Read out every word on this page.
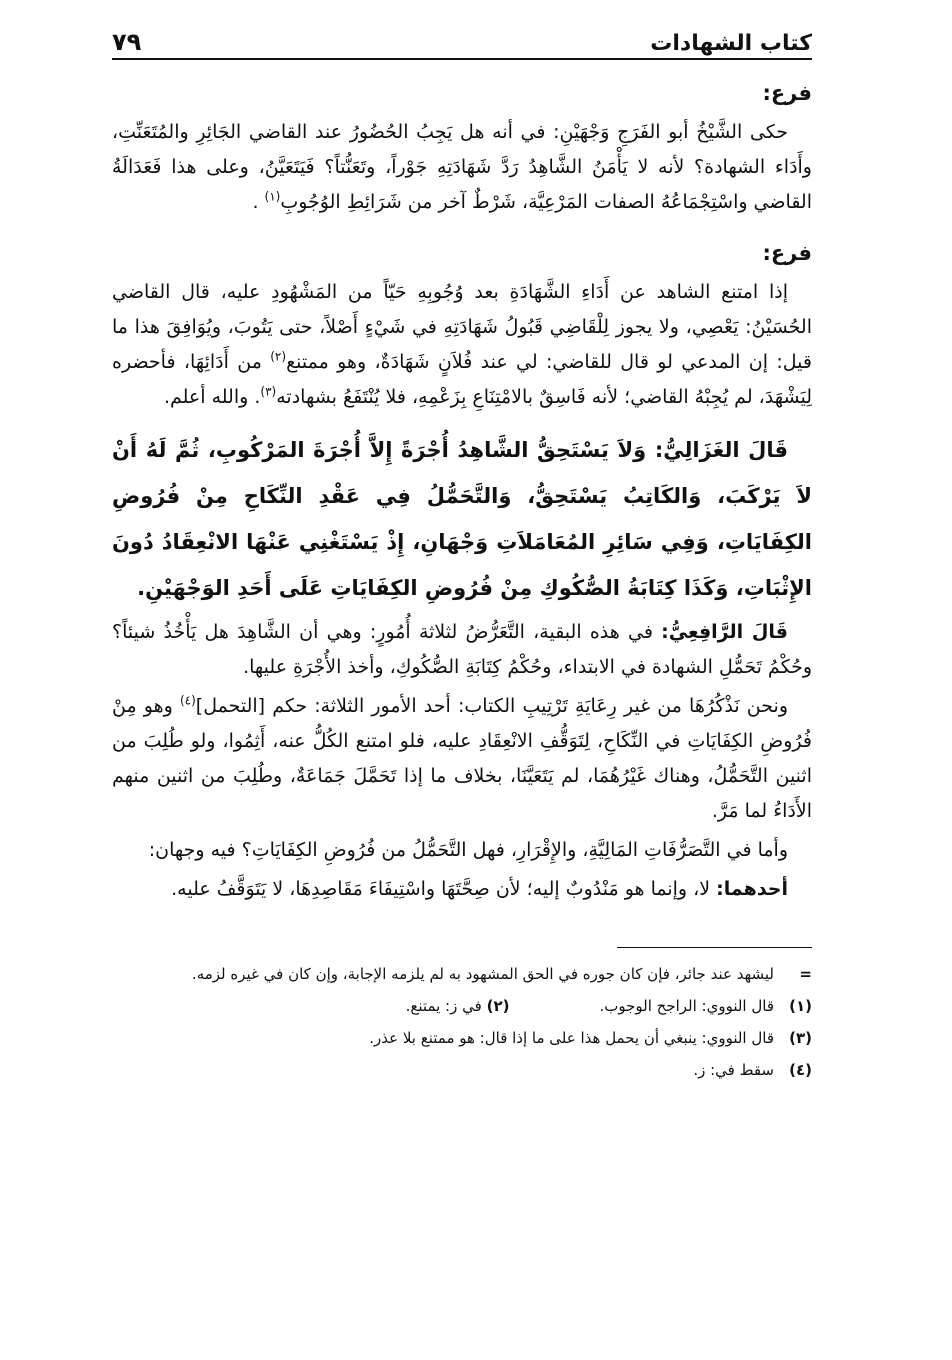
كتاب الشهادات
٧٩

فرع:

حكى الشَّيْخُ أبو الفَرَجِ وَجْهَيْنِ: في أنه هل يَجِبُ الحُضُورُ عند القاضي الجَائِرِ والمُتَعَنِّتِ، وأَدَاء الشهادة؟ لأنه لا يَأْمَنُ الشَّاهِدُ رَدَّ شَهَادَتِهِ جَوْراً، وتَعَنُّتاً؟ فَيَتَعَيَّنُ، وعلى هذا فَعَدَالَةُ القاضي واسْتِجْمَاعُهُ الصفات المَرْعِيَّة، شَرْطٌ آخر من شَرَائِطِ الوُجُوبِ$^{(١)}$ .

فرع:

إذا امتنع الشاهد عن أَدَاءِ الشَّهَادَةِ بعد وُجُوبِهِ حَيّاً من المَشْهُودِ عليه، قال القاضي الحُسَيْنُ: يَعْصِي، ولا يجوز لِلْقَاضِي قَبُولُ شَهَادَتِهِ في شَيْءٍ أَصْلاً، حتى يَتُوبَ، ويُوَافِقَ هذا ما قيل: إن المدعي لو قال للقاضي: لي عند فُلاَنٍ شَهَادَةٌ، وهو ممتنع$^{(٢)}$ من أَدَائِهَا، فأحضره لِيَشْهَدَ، لم يُجِبْهُ القاضي؛ لأنه فَاسِقٌ بالامْتِنَاعِ بِزَعْمِهِ، فلا يُنْتَفَعُ بشهادته$^{(٣)}$. والله أعلم.

قَالَ الغَزَالِيُّ: وَلاَ يَسْتَحِقُّ الشَّاهِدُ أُجْرَةً إِلاَّ أُجْرَةَ المَرْكُوبِ، ثُمَّ لَهُ أَنْ لاَ يَرْكَبَ، وَالكَاتِبُ يَسْتَحِقُّ، وَالتَّحَمُّلُ فِي عَقْدِ النِّكَاحِ مِنْ فُرُوضِ الكِفَايَاتِ، وَفِي سَائِرِ المُعَامَلاَتِ وَجْهَانِ، إِذْ يَسْتَغْنِي عَنْهَا الانْعِقَادُ دُونَ الإِثْبَاتِ، وَكَذَا كِتَابَةُ الصُّكُوكِ مِنْ فُرُوضِ الكِفَايَاتِ عَلَى أَحَدِ الوَجْهَيْنِ.

قَالَ الرَّافِعِيُّ: في هذه البقية، التَّعَرُّضُ لثلاثة أُمُورٍ: وهي أن الشَّاهِدَ هل يَأْخُذُ شيئاً؟ وحُكْمُ تَحَمُّلِ الشهادة في الابتداء، وحُكْمُ كِتَابَةِ الصُّكُوكِ، وأخذ الأُجْرَةِ عليها.

ونحن نَذْكُرُهَا من غير رِعَايَةِ تَرْتِيبِ الكتاب: أحد الأمور الثلاثة: حكم [التحمل]$^{(٤)}$ وهو مِنْ فُرُوضِ الكِفَايَاتِ في النِّكَاحِ، لِتَوَقُّفِ الانْعِقَادِ عليه، فلو امتنع الكُلُّ عنه، أَثِمُوا، ولو طُلِبَ من اثنين التَّحَمُّلُ، وهناك غَيْرُهُمَا، لم يَتَعَيَّنَا، بخلاف ما إذا تَحَمَّلَ جَمَاعَةٌ، وطُلِبَ من اثنين منهم الأَدَاءُ لما مَرَّ.

وأما في التَّصَرُّفَاتِ المَالِيَّةِ، والإِقْرَارِ، فهل التَّحَمُّلُ من فُرُوضِ الكِفَايَاتِ؟ فيه وجهان:

أحدهما: لا، وإنما هو مَنْدُوبٌ إليه؛ لأن صِحَّتَهَا واسْتِيفَاءَ مَقَاصِدِهَا، لا يَتَوَقَّفُ عليه.

=
ليشهد عند جائر، فإن كان جوره في الحق المشهود به لم يلزمه الإجابة، وإن كان في غيره لزمه.
(١)
قال النووي: الراجح الوجوب.
(٢) في ز: يمتنع.
(٣)
قال النووي: ينبغي أن يحمل هذا على ما إذا قال: هو ممتنع بلا عذر.
(٤)
سقط في: ز.
